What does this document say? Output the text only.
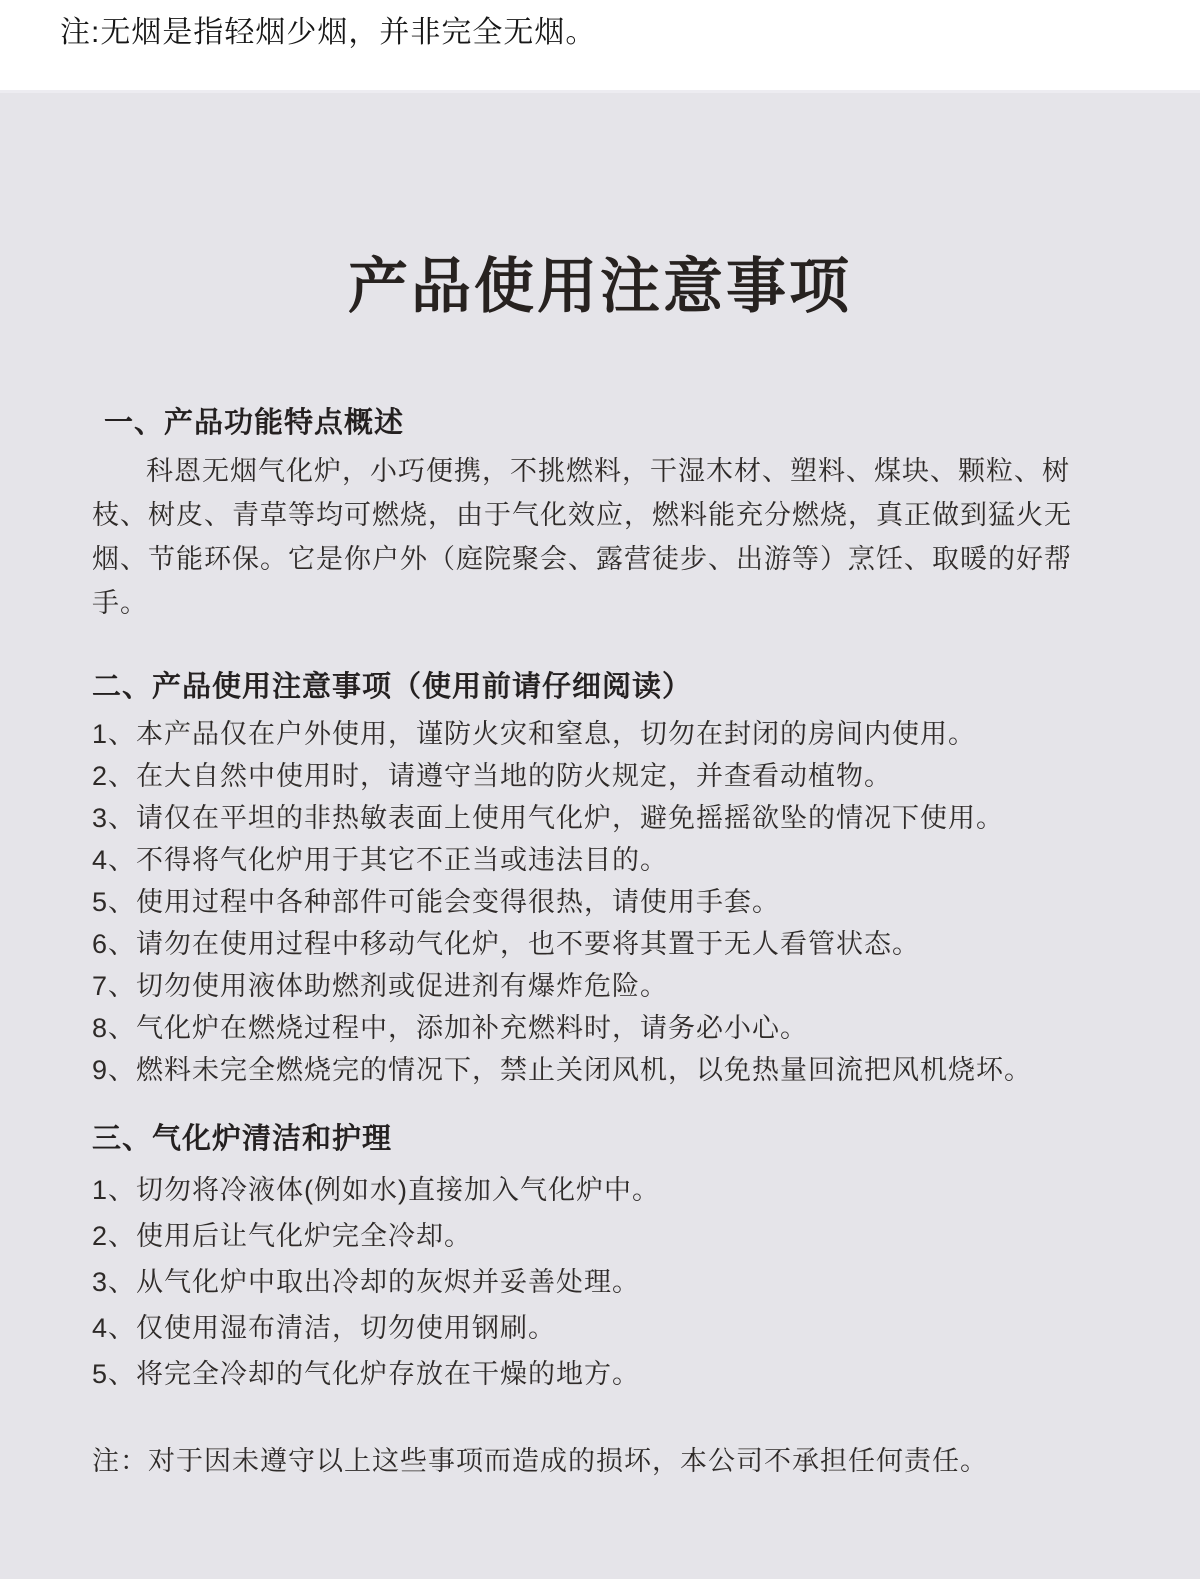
注:无烟是指轻烟少烟，并非完全无烟。
产品使用注意事项
一、产品功能特点概述

科恩无烟气化炉，小巧便携，不挑燃料，干湿木材、塑料、煤块、颗粒、树枝、树皮、青草等均可燃烧，由于气化效应，燃料能充分燃烧，真正做到猛火无烟、节能环保。它是你户外（庭院聚会、露营徒步、出游等）烹饪、取暖的好帮手。

二、产品使用注意事项（使用前请仔细阅读）
1、本产品仅在户外使用，谨防火灾和窒息，切勿在封闭的房间内使用。
2、在大自然中使用时，请遵守当地的防火规定，并查看动植物。
3、请仅在平坦的非热敏表面上使用气化炉，避免摇摇欲坠的情况下使用。
4、不得将气化炉用于其它不正当或违法目的。
5、使用过程中各种部件可能会变得很热，请使用手套。
6、请勿在使用过程中移动气化炉，也不要将其置于无人看管状态。
7、切勿使用液体助燃剂或促进剂有爆炸危险。
8、气化炉在燃烧过程中，添加补充燃料时，请务必小心。
9、燃料未完全燃烧完的情况下，禁止关闭风机，以免热量回流把风机烧坏。
三、气化炉清洁和护理
1、切勿将冷液体(例如水)直接加入气化炉中。
2、使用后让气化炉完全冷却。
3、从气化炉中取出冷却的灰烬并妥善处理。
4、仅使用湿布清洁，切勿使用钢刷。
5、将完全冷却的气化炉存放在干燥的地方。

注：对于因未遵守以上这些事项而造成的损坏，本公司不承担任何责任。
